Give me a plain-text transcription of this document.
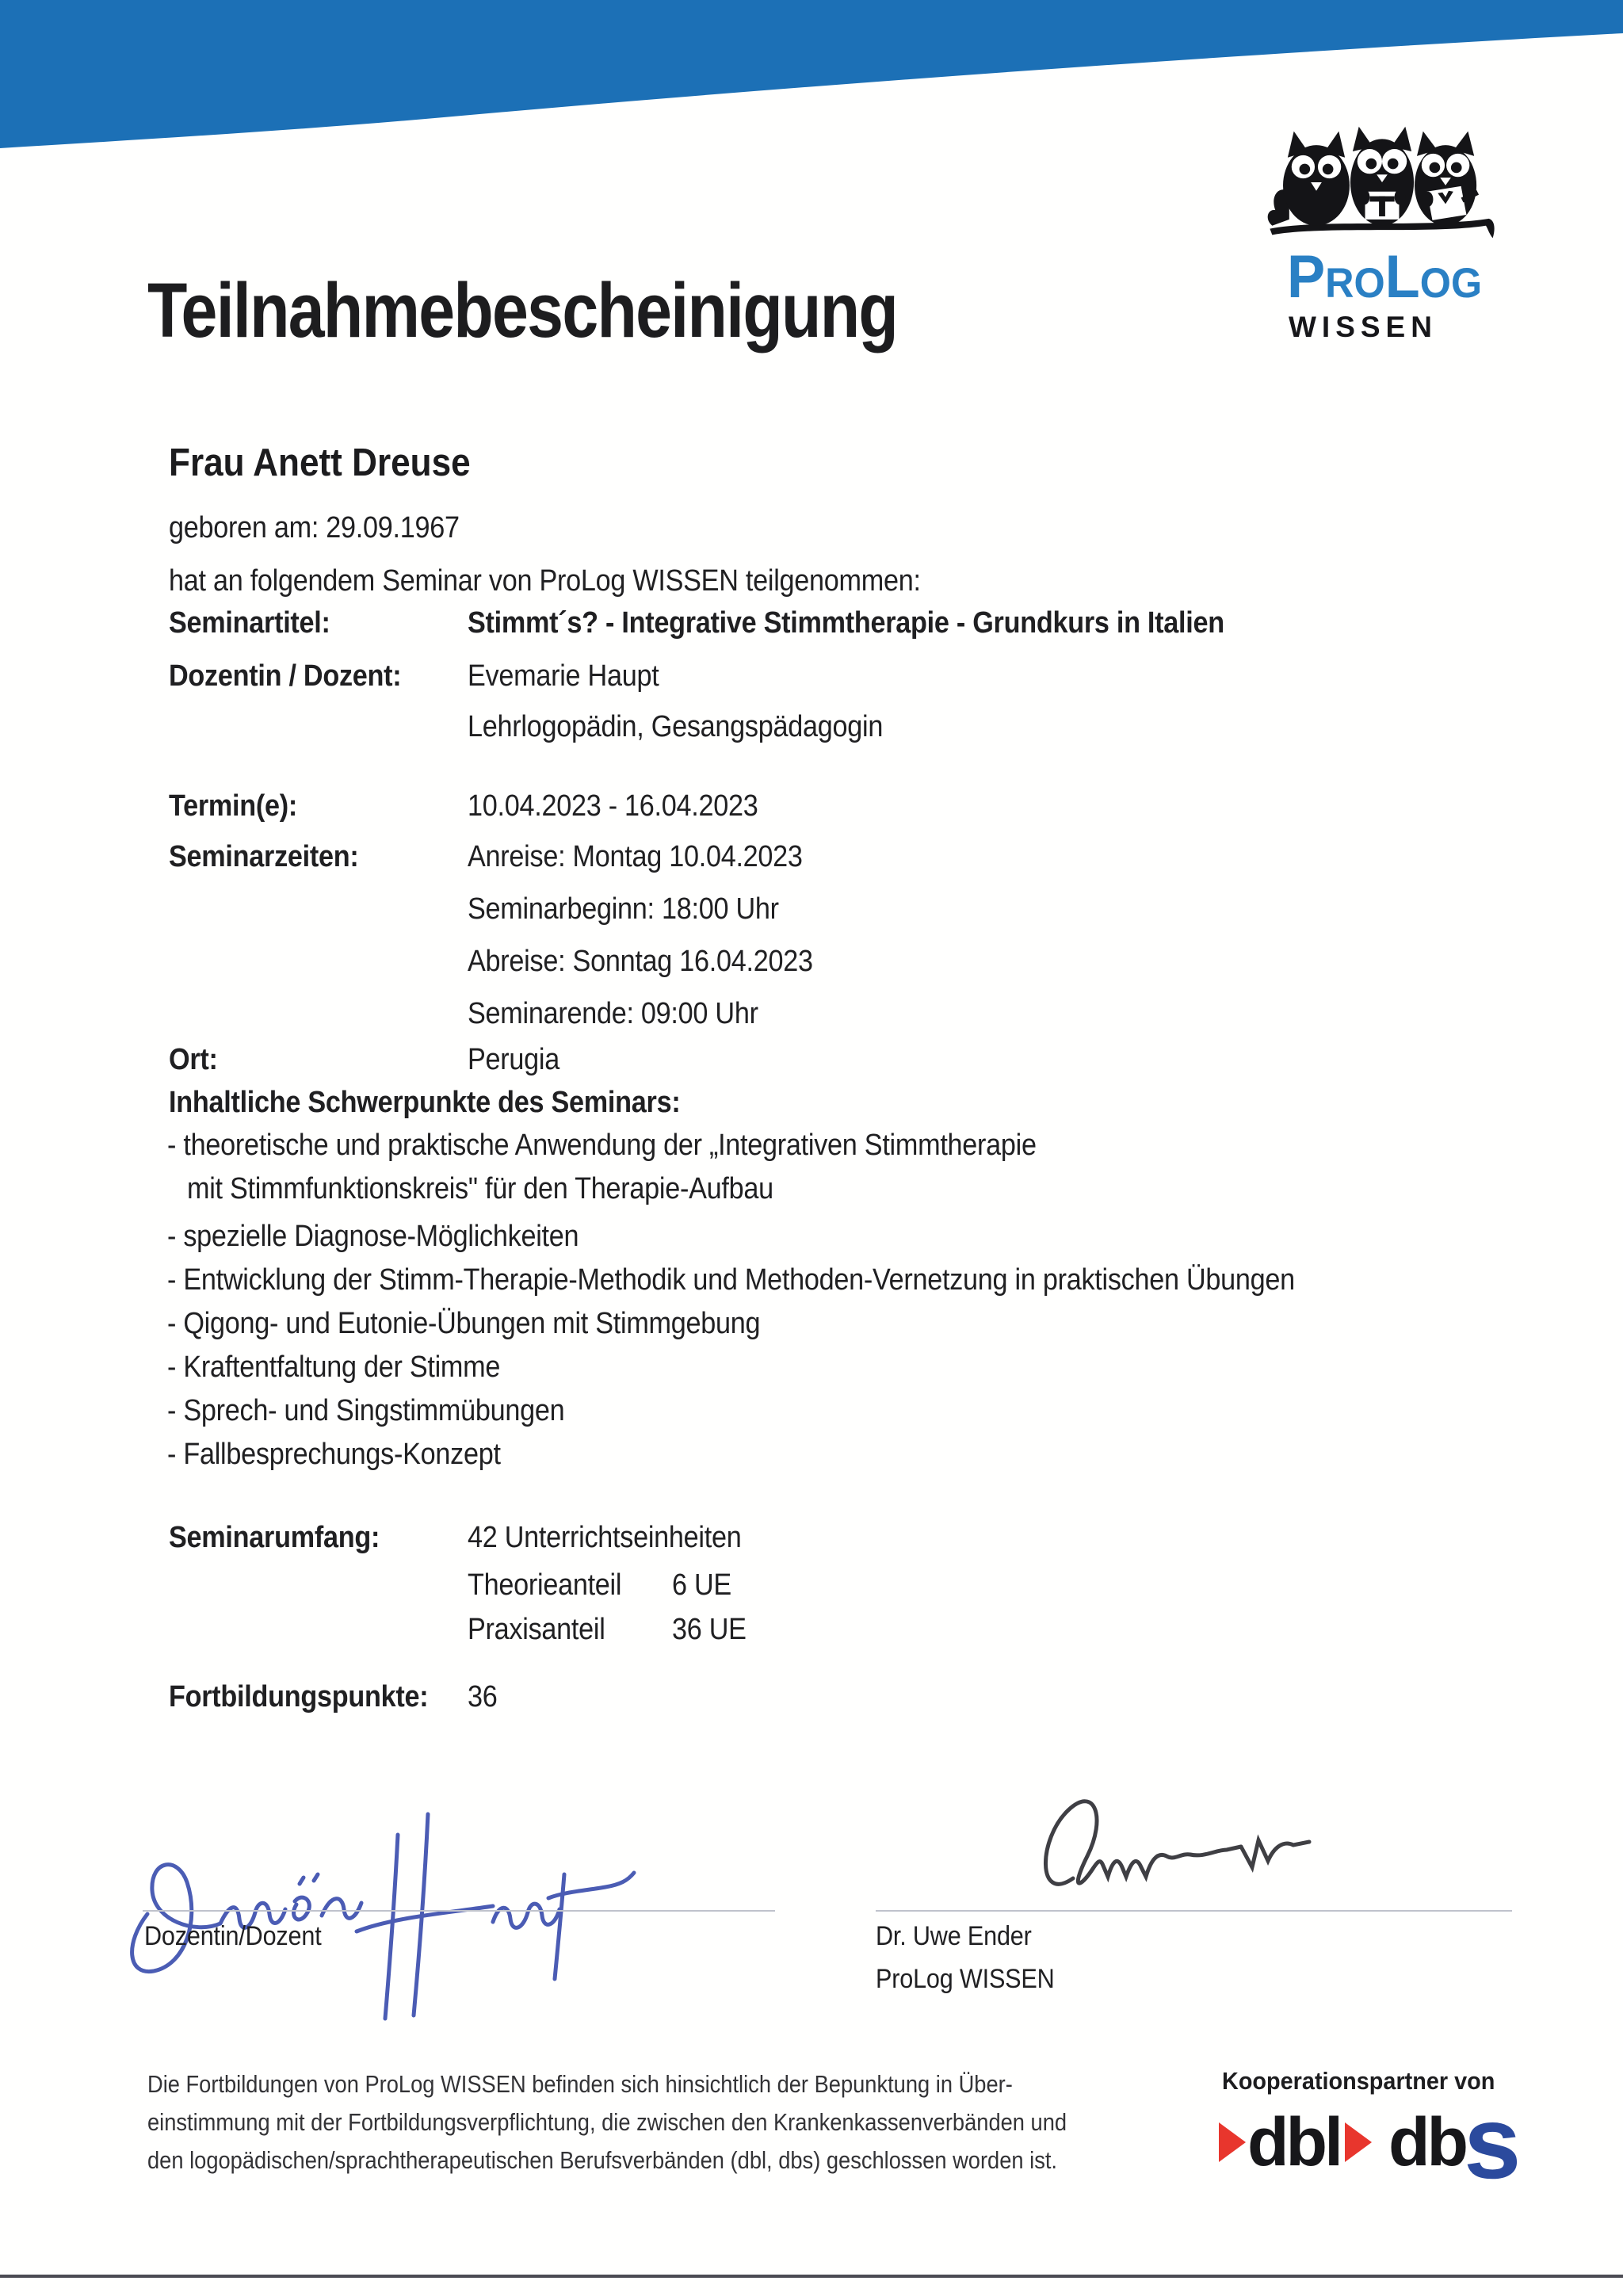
ProLog
WISSEN
Teilnahmebescheinigung
Frau Anett Dreuse
geboren am: 29.09.1967
hat an folgendem Seminar von ProLog WISSEN teilgenommen:
Seminartitel:	Stimmt´s? - Integrative Stimmtherapie - Grundkurs in Italien
Dozentin / Dozent: Evemarie Haupt
Lehrlogopädin, Gesangspädagogin
Termin(e):	10.04.2023 - 16.04.2023
Seminarzeiten:	Anreise: Montag 10.04.2023
Seminarbeginn: 18:00 Uhr
Abreise: Sonntag 16.04.2023
Seminarende: 09:00 Uhr
Ort:	Perugia
Inhaltliche Schwerpunkte des Seminars:
- theoretische und praktische Anwendung der „Integrativen Stimmtherapie
mit Stimmfunktionskreis" für den Therapie-Aufbau
- spezielle Diagnose-Möglichkeiten
- Entwicklung der Stimm-Therapie-Methodik und Methoden-Vernetzung in praktischen Übungen
- Qigong- und Eutonie-Übungen mit Stimmgebung
- Kraftentfaltung der Stimme
- Sprech- und Singstimmübungen
- Fallbesprechungs-Konzept
Seminarumfang:	42 Unterrichtseinheiten
Theorieanteil 6 UE
Praxisanteil 36 UE
Fortbildungspunkte: 36
Dozentin/Dozent	Dr. Uwe Ender
ProLog WISSEN
Die Fortbildungen von ProLog WISSEN befinden sich hinsichtlich der Bepunktung in Über-
einstimmung mit der Fortbildungsverpflichtung, die zwischen den Krankenkassenverbänden und
den logopädischen/sprachtherapeutischen Berufsverbänden (dbl, dbs) geschlossen worden ist.
Kooperationspartner von
dbl db
s
